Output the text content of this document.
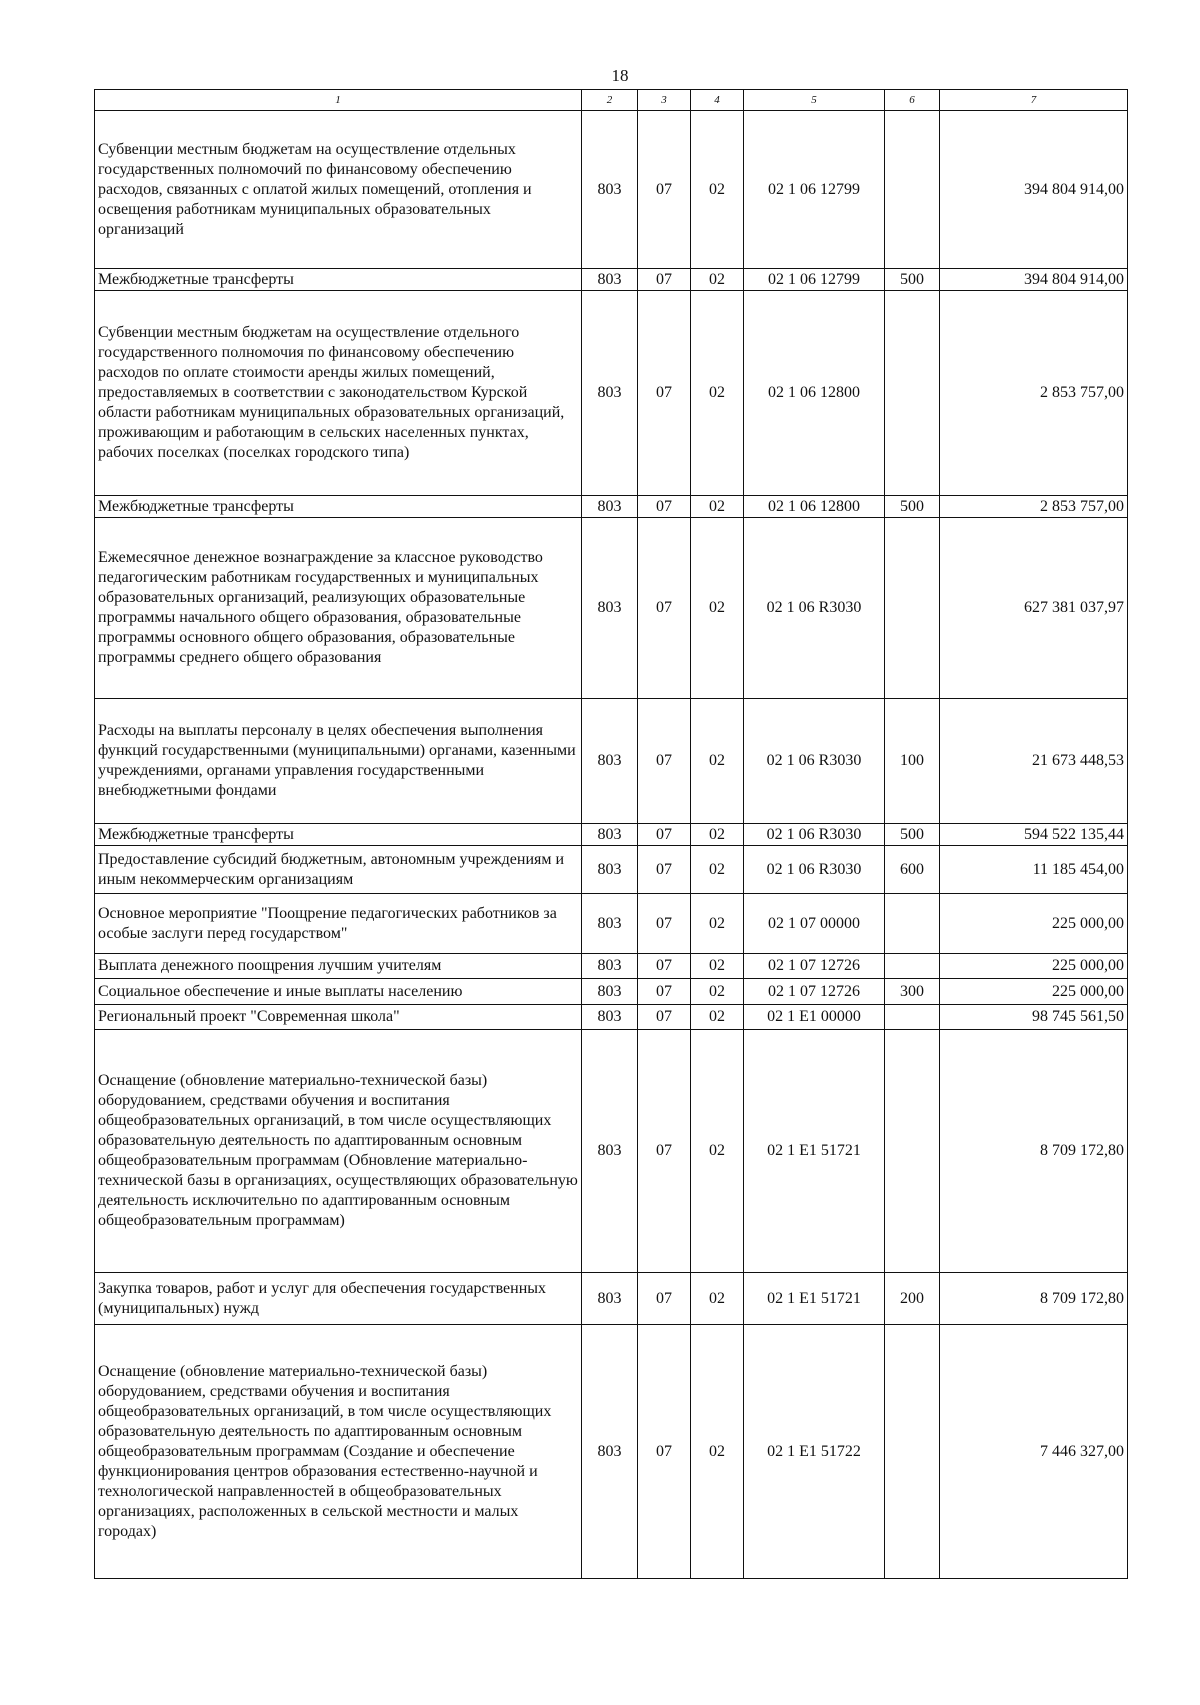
18
1	2	3	4	5	6	7
Субвенции местным бюджетам на осуществление отдельных государственных полномочий по финансовому обеспечению расходов, связанных с оплатой жилых помещений, отопления и освещения работникам муниципальных образовательных организаций	803	07	02	02 1 06 12799		394 804 914,00
Межбюджетные трансферты	803	07	02	02 1 06 12799	500	394 804 914,00
Субвенции местным бюджетам на осуществление отдельного государственного полномочия по финансовому обеспечению расходов по оплате стоимости аренды жилых помещений, предоставляемых в соответствии с законодательством Курской области работникам муниципальных образовательных организаций, проживающим и работающим в сельских населенных пунктах, рабочих поселках (поселках городского типа)	803	07	02	02 1 06 12800		2 853 757,00
Межбюджетные трансферты	803	07	02	02 1 06 12800	500	2 853 757,00
Ежемесячное денежное вознаграждение за классное руководство педагогическим работникам государственных и муниципальных образовательных организаций, реализующих образовательные программы начального общего образования, образовательные программы основного общего образования, образовательные программы среднего общего образования	803	07	02	02 1 06 R3030		627 381 037,97
Расходы на выплаты персоналу в целях обеспечения выполнения функций государственными (муниципальными) органами, казенными учреждениями, органами управления государственными внебюджетными фондами	803	07	02	02 1 06 R3030	100	21 673 448,53
Межбюджетные трансферты	803	07	02	02 1 06 R3030	500	594 522 135,44
Предоставление субсидий бюджетным, автономным учреждениям и иным некоммерческим организациям	803	07	02	02 1 06 R3030	600	11 185 454,00
Основное мероприятие "Поощрение педагогических работников за особые заслуги перед государством"	803	07	02	02 1 07 00000		225 000,00
Выплата денежного поощрения лучшим учителям	803	07	02	02 1 07 12726		225 000,00
Социальное обеспечение и иные выплаты населению	803	07	02	02 1 07 12726	300	225 000,00
Региональный проект "Современная школа"	803	07	02	02 1 E1 00000		98 745 561,50
Оснащение (обновление материально-технической базы) оборудованием, средствами обучения и воспитания общеобразовательных организаций, в том числе осуществляющих образовательную деятельность по адаптированным основным общеобразовательным программам (Обновление материально-технической базы в организациях, осуществляющих образовательную деятельность исключительно по адаптированным основным общеобразовательным программам)	803	07	02	02 1 E1 51721		8 709 172,80
Закупка товаров, работ и услуг для обеспечения государственных (муниципальных) нужд	803	07	02	02 1 E1 51721	200	8 709 172,80
Оснащение (обновление материально-технической базы) оборудованием, средствами обучения и воспитания общеобразовательных организаций, в том числе осуществляющих образовательную деятельность по адаптированным основным общеобразовательным программам (Создание и обеспечение функционирования центров образования естественно-научной и технологической направленностей в общеобразовательных организациях, расположенных в сельской местности и малых городах)	803	07	02	02 1 E1 51722		7 446 327,00
